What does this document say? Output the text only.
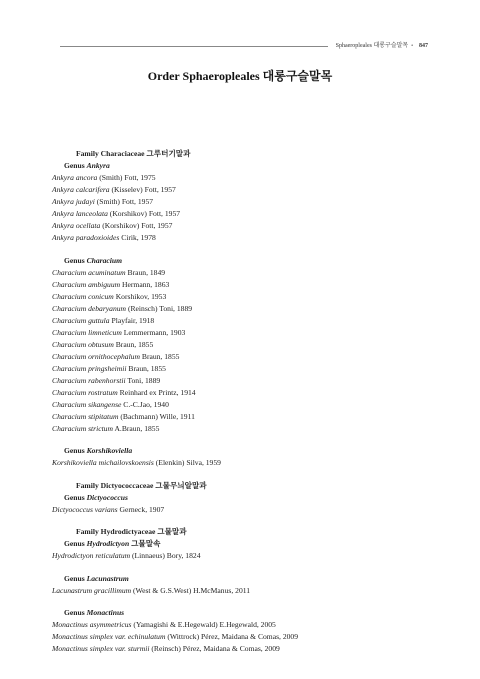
Sphaeropleales 대롱구슬말목 • 847
Order Sphaeropleales 대롱구슬말목
Family Characiaceae 그루터기말과
Genus Ankyra
Ankyra ancora (Smith) Fott, 1975
Ankyra calcarifera (Kisselev) Fott, 1957
Ankyra judayi (Smith) Fott, 1957
Ankyra lanceolata (Korshikov) Fott, 1957
Ankyra ocellata (Korshikov) Fott, 1957
Ankyra paradoxioides Cirik, 1978
Genus Characium
Characium acuminatum Braun, 1849
Characium ambiguum Hermann, 1863
Characium conicum Korshikov, 1953
Characium debaryanum (Reinsch) Toni, 1889
Characium guttula Playfair, 1918
Characium limneticum Lemmermann, 1903
Characium obtusum Braun, 1855
Characium ornithocephalum Braun, 1855
Characium pringsheimii Braun, 1855
Characium rabenhorstii Toni, 1889
Characium rostratum Reinhard ex Printz, 1914
Characium sikangense C.-C.Jao, 1940
Characium stipitatum (Bachmann) Wille, 1911
Characium strictum A.Braun, 1855
Genus Korshikoviella
Korshikoviella michailovskoensis (Elenkin) Silva, 1959
Family Dictyococcaceae 그물무늬알말과
Genus Dictyococcus
Dictyococcus varians Gerneck, 1907
Family Hydrodictyaceae 그물말과
Genus Hydrodictyon 그물말속
Hydrodictyon reticulatum (Linnaeus) Bory, 1824
Genus Lacunastrum
Lacunastrum gracillimum (West & G.S.West) H.McManus, 2011
Genus Monactinus
Monactinus asymmetricus (Yamagishi & E.Hegewald) E.Hegewald, 2005
Monactinus simplex var. echinulatum (Wittrock) Pérez, Maidana & Comas, 2009
Monactinus simplex var. sturmii (Reinsch) Pérez, Maidana & Comas, 2009
